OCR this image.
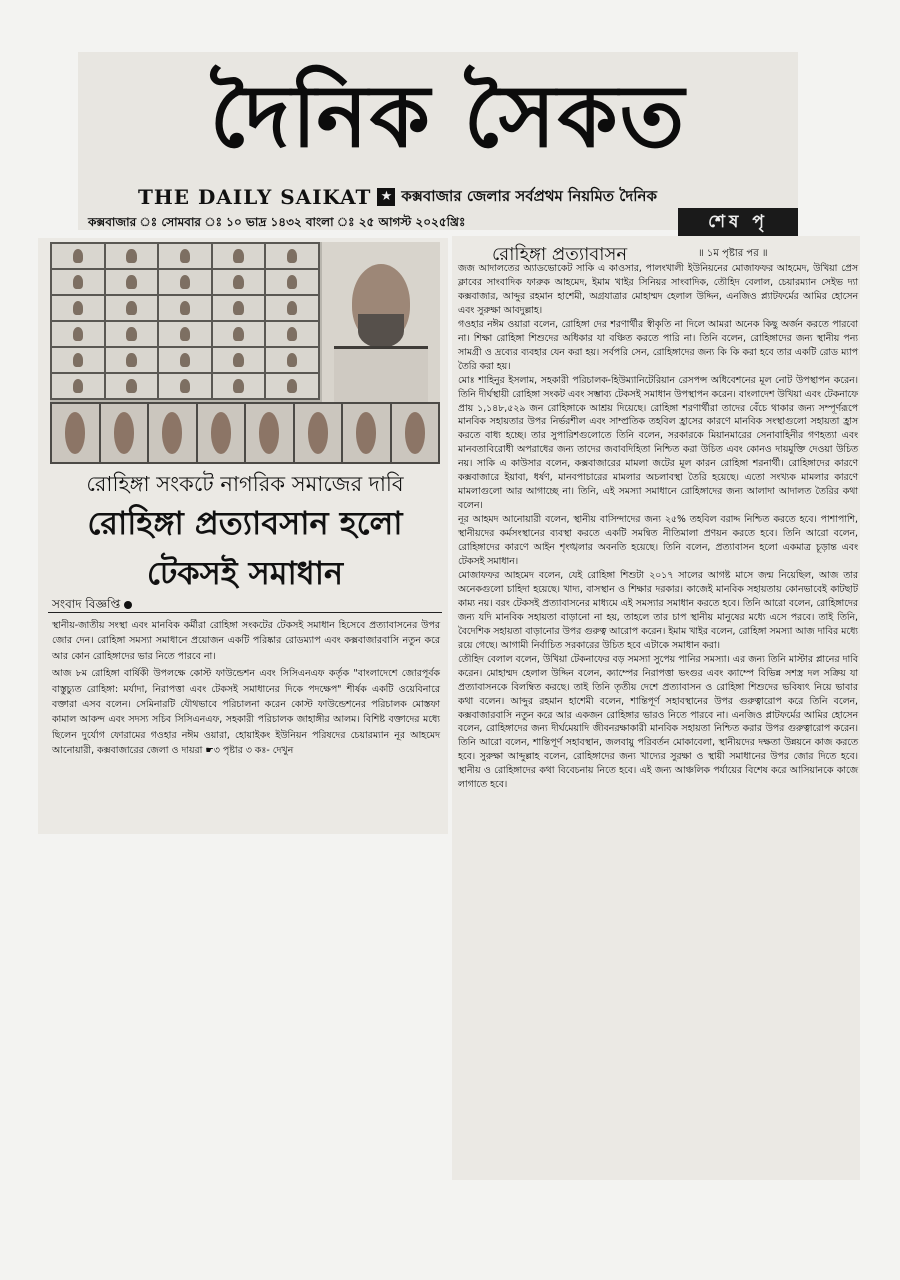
দৈনিক সৈকত
THE DAILY SAIKAT ★ কক্সবাজার জেলার সর্বপ্রথম নিয়মিত দৈনিক
কক্সবাজার ঃ সোমবার ঃ ১০ ভাদ্র ১৪৩২ বাংলা ঃ ২৫ আগস্ট ২০২৫খ্রিঃ	শেষ পৃ
রোহিঙ্গা সংকটে নাগরিক সমাজের দাবি
রোহিঙ্গা প্রত্যাবসান হলো
টেকসই সমাধান
সংবাদ বিজ্ঞপ্তি

স্থানীয়-জাতীয় সংস্থা এবং মানবিক কর্মীরা রোহিঙ্গা সংকটের টেকসই সমাধান হিসেবে প্রত্যাবাসনের উপর জোর দেন। রোহিঙ্গা সমস্যা সমাধানে প্রয়োজন একটি পরিষ্কার রোডম্যাপ এবং কক্সবাজারবাসি নতুন করে আর কোন রোহিঙ্গাদের ভার নিতে পারবে না।

আজ ৮ম রোহিঙ্গা বার্ষিকী উপলক্ষে কোস্ট ফাউন্ডেশন এবং সিসিএনএফ কর্তৃক "বাংলাদেশে জোরপূর্বক বাস্তুচ্যুত রোহিঙ্গা: মর্যাদা, নিরাপত্তা এবং টেকসই সমাধানের দিকে পদক্ষেপ" শীর্ষক একটি ওয়েবিনারে বক্তারা এসব বলেন। সেমিনারটি যৌথভাবে পরিচালনা করেন কোস্ট ফাউন্ডেশনের পরিচালক মোস্তফা কামাল আকন্দ এবং সদস্য সচিব সিসিএনএফ, সহকারী পরিচালক জাহাঙ্গীর আলম। বিশিষ্ট বক্তাদের মধ্যে ছিলেন দুর্যোগ ফোরামের গওহার নঈম ওয়ারা, হোয়াইকং ইউনিয়ন পরিষদের চেয়ারম্যান নূর আহমেদ আনোয়ারী, কক্সবাজারের জেলা ও দায়রা ☛৩ পৃষ্টার ৩ কঃ- দেখুন

রোহিঙ্গা প্রত্যাবাসন	॥ ১ম পৃষ্টার পর ॥

জজ আদালতের অ্যাডভোকেট সাকি এ কাওসার, পালংখালী ইউনিয়নের মোজাফফর আহমেদ, উখিয়া প্রেস ক্লাবের সাংবাদিক ফারুক আহমেদ, ইমাম খাইর সিনিয়র সাংবাদিক, তৌহিদ বেলাল, চেয়ারম্যান সেইভ দ্যা কক্সবাজার, আব্দুর রহমান হাশেমী, অগ্রযাত্রার মোহাম্মদ হেলাল উদ্দিন, এনজিও প্ল্যাটফর্মের আমির হোসেন এবং সুরুক্ষা আবদুল্লাহ।

গওহার নঈম ওয়ারা বলেন, রোহিঙ্গা দের শরণার্থীর স্বীকৃতি না দিলে আমরা অনেক কিছু অর্জন করতে পারবো না। শিক্ষা রোহিঙ্গা শিশুদের অধিকার যা বঞ্চিত করতে পারি না। তিনি বলেন, রোহিঙ্গাদের জন্য স্থানীয় পন্য সামগ্রী ও দ্রব্যের ব্যবহার যেন করা হয়। সর্বপরি সেন, রোহিঙ্গাদের জন্য কি কি করা হবে তার একটি রোড ম্যাপ তৈরি করা হয়।

মোঃ শাহিনুর ইসলাম, সহকারী পরিচালক-হিউম্যানিটেরিয়ান রেসপন্স অধিবেশনের মূল নোট উপস্থাপন করেন। তিনি দীর্ঘস্থায়ী রোহিঙ্গা সংকট এবং সম্ভাব্য টেকসই সমাধান উপস্থাপন করেন। বাংলাদেশ উখিয়া এবং টেকনাফে প্রায় ১,১৪৮,৫২৯ জন রোহিঙ্গাকে আশ্রয় দিয়েছে। রোহিঙ্গা শরণার্থীরা তাদের বেঁচে থাকার জন্য সম্পূর্ণরূপে মানবিক সহায়তার উপর নির্ভরশীল এবং সাম্প্রতিক তহবিল হ্রাসের কারণে মানবিক সংস্থাগুলো সহায়তা হ্রাস করতে বাধ্য হচ্ছে। তার সুপারিশগুলোতে তিনি বলেন, সরকারকে মিয়ানমারের সেনাবাহিনীর গণহত্যা এবং মানবতাবিরোধী অপরাধের জন্য তাদের জবাবদিহিতা নিশ্চিত করা উচিত এবং কোনও দায়মুক্তি দেওয়া উচিত নয়। সাকি এ কাউসার বলেন, কক্সবাজারের মামলা জটের মূল কারন রোহিঙ্গা শরনার্থী। রোহিঙ্গাদের কারণে কক্সবাজারে ইয়াবা, ধর্ষণ, মানবপাচারের মামলার অচলাবস্থা তৈরি হয়েছে। এতো সংখ্যক মামলার কারণে মামলাগুলো আর আগাচ্ছে না। তিনি, এই সমস্যা সমাধানে রোহিঙ্গাদের জন্য আলাদা আদালত তৈরির কথা বলেন।

নূর আহমদ আনোয়ারী বলেন, স্থানীয় বাসিন্দাদের জন্য ২৫% তহবিল বরাদ্দ নিশ্চিত করতে হবে। পাশাপাশি, স্থানীয়দের কর্মসংস্থানের ব্যবস্থা করতে একটি সমন্বিত নীতিমালা প্রণয়ন করতে হবে। তিনি আরো বলেন, রোহিঙ্গাদের কারণে আইন শৃংঙ্খলার অবনতি হয়েছে। তিনি বলেন, প্রত্যাবাসন হলো একমাত্র চূড়ান্ত এবং টেকসই সমাধান।

মোজাফফর আহমেদ বলেন, যেই রোহিঙ্গা শিশুটা ২০১৭ সালের আগষ্ট মাসে জন্ম নিয়েছিল, আজ তার অনেকগুলো চাহিদা হয়েছে। খাদ্য, বাসস্থান ও শিক্ষার দরকার। কাজেই মানবিক সহায়তায় কোনভাবেই কাটছাট কাম্য নয়। বরং টেকসই প্রত্যাবাসনের মাধ্যমে এই সমস্যার সমাধান করতে হবে। তিনি আরো বলেন, রোহিঙ্গাদের জন্য যদি মানবিক সহায়তা বাড়ানো না হয়, তাহলে তার চাপ স্থানীয় মানুষের মধ্যে এসে পরবে। তাই তিনি, বৈদেশিক সহায়তা বাড়ানোর উপর গুরুত্ব আরোপ করেন। ইমাম খাইর বলেন, রোহিঙ্গা সমস্যা আজ দাবির মধ্যে রয়ে গেছে। আগামী নির্বাচিত সরকারের উচিত হবে এটাকে সমাধান করা।

তৌহিদ বেলাল বলেন, উখিয়া টেকনাফের বড় সমস্যা সুপেয় পানির সমস্যা। এর জন্য তিনি মাস্টার প্লানের দাবি করেন। মোহাম্মদ হেলাল উদ্দিন বলেন, ক্যাম্পের নিরাপত্তা ভংগুর এবং ক্যাম্পে বিভিন্ন সশস্ত্র দল সক্রিয় যা প্রত্যাবাসনকে বিলম্বিত করছে। তাই তিনি তৃতীয় দেশে প্রত্যাবাসন ও রোহিঙ্গা শিশুদের ভবিষ্যৎ নিয়ে ভাবার কথা বলেন। আব্দুর রহমান হাশেমী বলেন, শান্তিপূর্ণ সহাবস্থানের উপর গুরুত্বারোপ করে তিনি বলেন, কক্সবাজারবাসি নতুন করে আর একজন রোহিঙ্গার ভারও নিতে পারবে না। এনজিও প্লাটফর্মের আমির হোসেন বলেন, রোহিঙ্গাদের জন্য দীর্ঘমেয়াদি জীবনরক্ষাকারী মানবিক সহায়তা নিশ্চিত করার উপর গুরুত্বারোপ করেন। তিনি আরো বলেন, শান্তিপূর্ণ সহাবস্থান, জলবায়ু পরিবর্তন মোকাবেলা, স্থানীয়দের দক্ষতা উন্নয়নে কাজ করতে হবে। সুরুক্ষা আব্দুল্লাহ বলেন, রোহিঙ্গাদের জন্য খাদ্যের সুরক্ষা ও স্থায়ী সমাধানের উপর জোর দিতে হবে। স্থানীয় ও রোহিঙ্গাদের কথা বিবেচনায় নিতে হবে। এই জন্য আঞ্চলিক পর্যায়ের বিশেষ করে আসিয়ানকে কাজে লাগাতে হবে।
